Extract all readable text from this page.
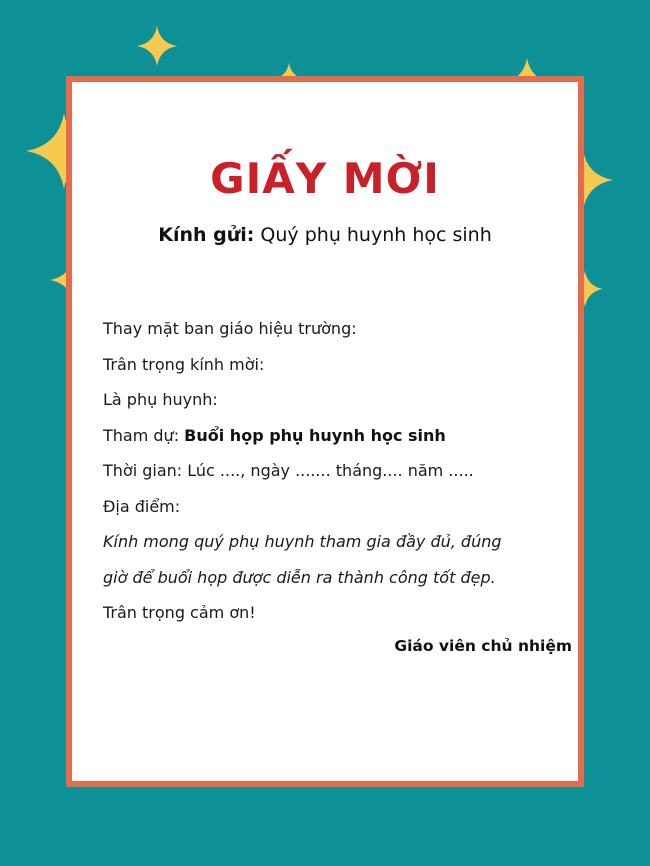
GIẤY MỜI
Kính gửi: Quý phụ huynh học sinh
Thay mặt ban giáo hiệu trường:
Trân trọng kính mời:
Là phụ huynh:
Tham dự: Buổi họp phụ huynh học sinh
Thời gian: Lúc ...., ngày ....... tháng.... năm .....
Địa điểm:
Kính mong quý phụ huynh tham gia đầy đủ, đúng
giờ để buổi họp được diễn ra thành công tốt đẹp.
Trân trọng cảm ơn!
Giáo viên chủ nhiệm
